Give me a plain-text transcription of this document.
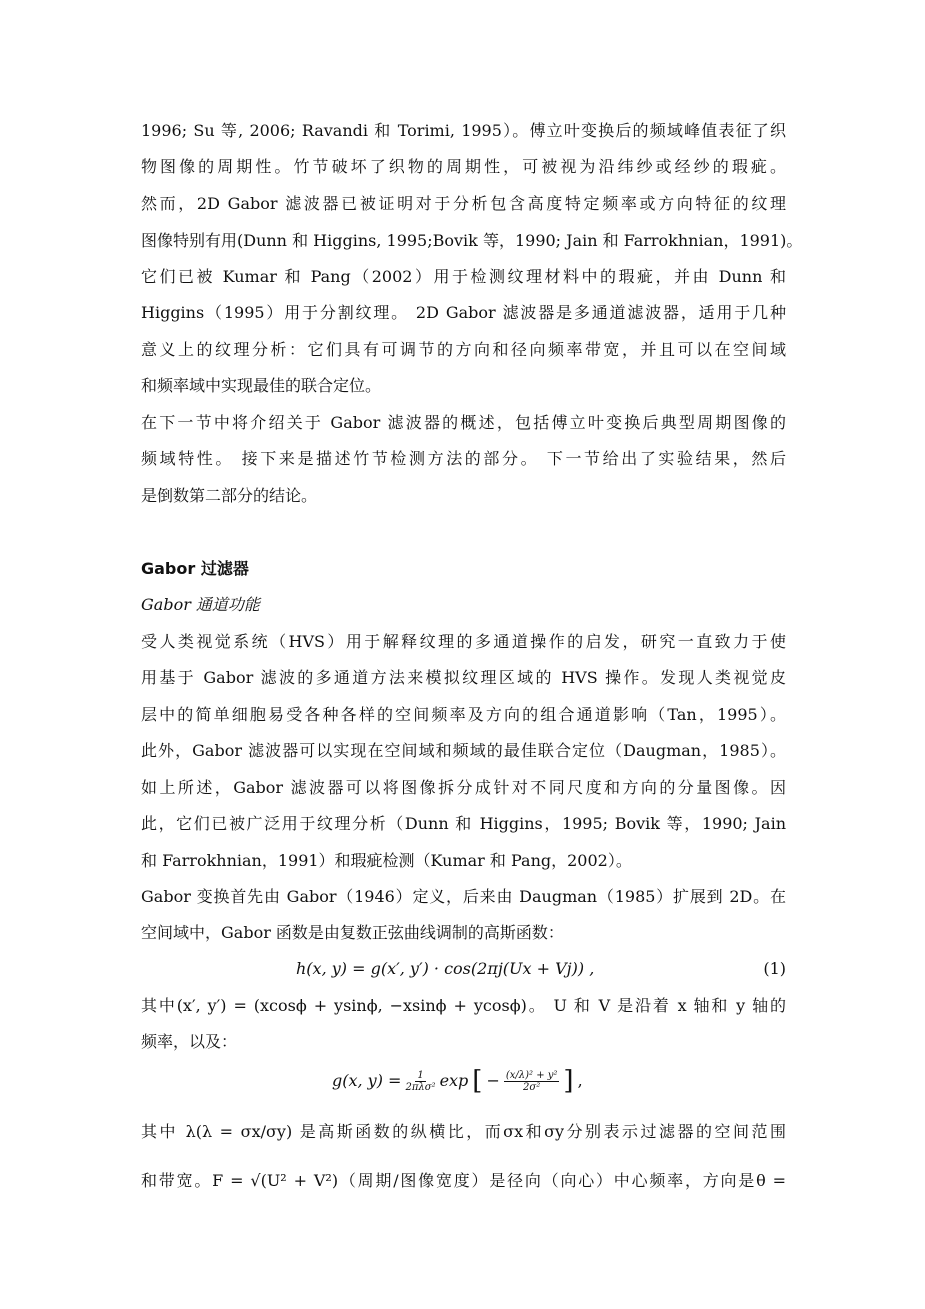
1996; Su 等, 2006; Ravandi 和 Torimi, 1995）。傅立叶变换后的频域峰值表征了织
物图像的周期性。竹节破坏了织物的周期性，可被视为沿纬纱或经纱的瑕疵。
然而，2D Gabor 滤波器已被证明对于分析包含高度特定频率或方向特征的纹理
图像特别有用(Dunn 和 Higgins, 1995;Bovik 等，1990; Jain 和 Farrokhnian，1991)。
它们已被 Kumar 和 Pang（2002）用于检测纹理材料中的瑕疵，并由 Dunn 和
Higgins（1995）用于分割纹理。 2D Gabor 滤波器是多通道滤波器，适用于几种
意义上的纹理分析：它们具有可调节的方向和径向频率带宽，并且可以在空间域
和频率域中实现最佳的联合定位。
在下一节中将介绍关于 Gabor 滤波器的概述，包括傅立叶变换后典型周期图像的
频域特性。 接下来是描述竹节检测方法的部分。 下一节给出了实验结果，然后
是倒数第二部分的结论。
Gabor 过滤器
Gabor 通道功能
受人类视觉系统（HVS）用于解释纹理的多通道操作的启发，研究一直致力于使
用基于 Gabor 滤波的多通道方法来模拟纹理区域的 HVS 操作。发现人类视觉皮
层中的简单细胞易受各种各样的空间频率及方向的组合通道影响（Tan，1995）。
此外，Gabor 滤波器可以实现在空间域和频域的最佳联合定位（Daugman，1985）。
如上所述，Gabor 滤波器可以将图像拆分成针对不同尺度和方向的分量图像。因
此，它们已被广泛用于纹理分析（Dunn 和 Higgins，1995; Bovik 等，1990; Jain
和 Farrokhnian，1991）和瑕疵检测（Kumar 和 Pang，2002）。
Gabor 变换首先由 Gabor（1946）定义，后来由 Daugman（1985）扩展到 2D。在
空间域中，Gabor 函数是由复数正弦曲线调制的高斯函数：
h(x, y) = g(x′, y′) · cos(2πj(Ux + Vj)) ,	(1)
其中(x′, y′) = (xcosϕ + ysinϕ, −xsinϕ + ycosϕ)。 U 和 V 是沿着 x 轴和 y 轴的
频率，以及：
g(x, $y) = \frac{1}{\text{2πλσ²}}$ exp [ − $\frac{\text{(x/λ)² + y²}}{\text{2σ²}}$ ] ,
其中 λ(λ = σx/σy) 是高斯函数的纵横比，而σx和σy分别表示过滤器的空间范围
和带宽。F = √(U² + V²)（周期/图像宽度）是径向（向心）中心频率，方向是θ =
